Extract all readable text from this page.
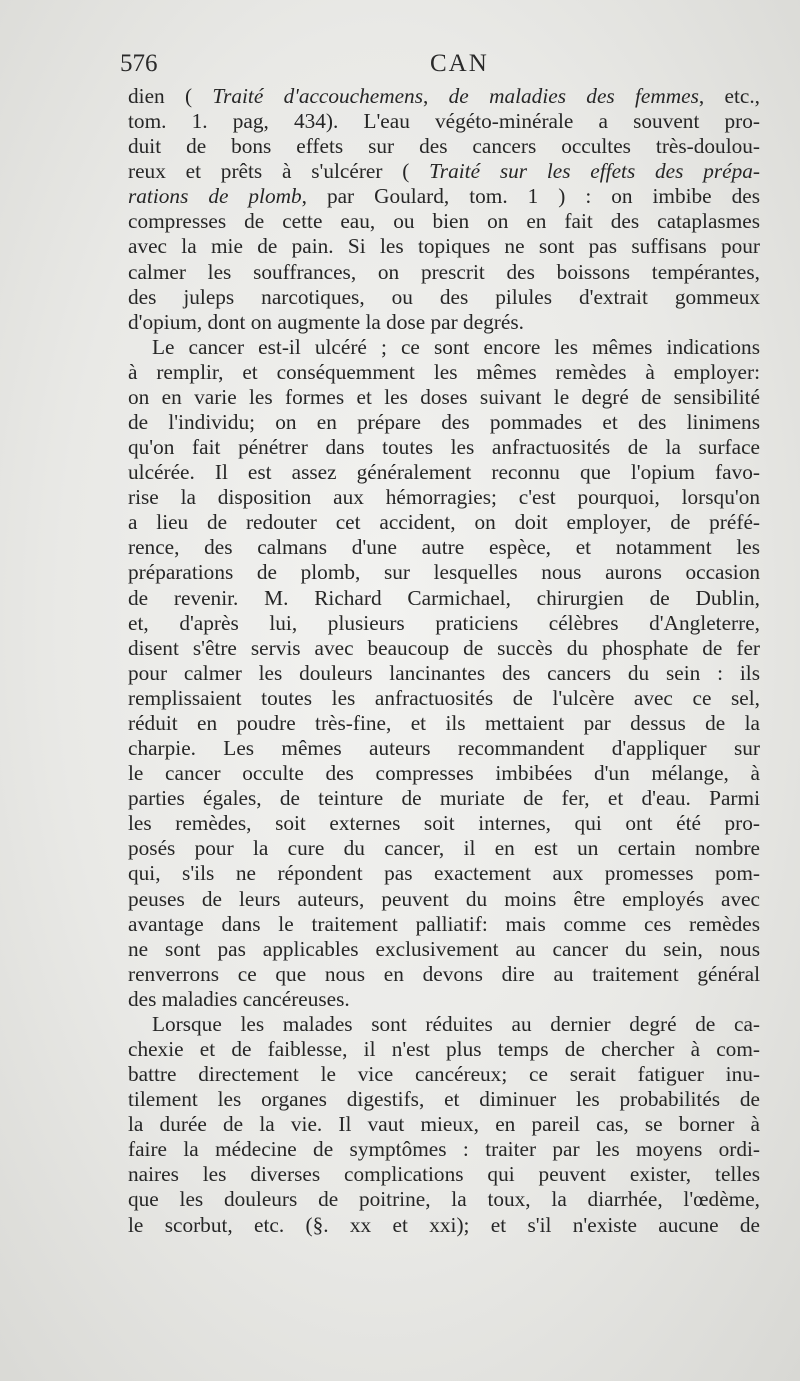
576	CAN
dien ( Traité d'accouchemens, de maladies des femmes, etc.,
tom. 1. pag, 434). L'eau végéto-minérale a souvent pro-
duit de bons effets sur des cancers occultes très-doulou-
reux et prêts à s'ulcérer ( Traité sur les effets des prépa-
rations de plomb, par Goulard, tom. 1 ) : on imbibe des
compresses de cette eau, ou bien on en fait des cataplasmes
avec la mie de pain. Si les topiques ne sont pas suffisans pour
calmer les souffrances, on prescrit des boissons tempérantes,
des juleps narcotiques, ou des pilules d'extrait gommeux
d'opium, dont on augmente la dose par degrés.
Le cancer est-il ulcéré ; ce sont encore les mêmes indications
à remplir, et conséquemment les mêmes remèdes à employer:
on en varie les formes et les doses suivant le degré de sensibilité
de l'individu; on en prépare des pommades et des linimens
qu'on fait pénétrer dans toutes les anfractuosités de la surface
ulcérée. Il est assez généralement reconnu que l'opium favo-
rise la disposition aux hémorragies; c'est pourquoi, lorsqu'on
a lieu de redouter cet accident, on doit employer, de préfé-
rence, des calmans d'une autre espèce, et notamment les
préparations de plomb, sur lesquelles nous aurons occasion
de revenir. M. Richard Carmichael, chirurgien de Dublin,
et, d'après lui, plusieurs praticiens célèbres d'Angleterre,
disent s'être servis avec beaucoup de succès du phosphate de fer
pour calmer les douleurs lancinantes des cancers du sein : ils
remplissaient toutes les anfractuosités de l'ulcère avec ce sel,
réduit en poudre très-fine, et ils mettaient par dessus de la
charpie. Les mêmes auteurs recommandent d'appliquer sur
le cancer occulte des compresses imbibées d'un mélange, à
parties égales, de teinture de muriate de fer, et d'eau. Parmi
les remèdes, soit externes soit internes, qui ont été pro-
posés pour la cure du cancer, il en est un certain nombre
qui, s'ils ne répondent pas exactement aux promesses pom-
peuses de leurs auteurs, peuvent du moins être employés avec
avantage dans le traitement palliatif: mais comme ces remèdes
ne sont pas applicables exclusivement au cancer du sein, nous
renverrons ce que nous en devons dire au traitement général
des maladies cancéreuses.
Lorsque les malades sont réduites au dernier degré de ca-
chexie et de faiblesse, il n'est plus temps de chercher à com-
battre directement le vice cancéreux; ce serait fatiguer inu-
tilement les organes digestifs, et diminuer les probabilités de
la durée de la vie. Il vaut mieux, en pareil cas, se borner à
faire la médecine de symptômes : traiter par les moyens ordi-
naires les diverses complications qui peuvent exister, telles
que les douleurs de poitrine, la toux, la diarrhée, l'œdème,
le scorbut, etc. (§. xx et xxi); et s'il n'existe aucune de
